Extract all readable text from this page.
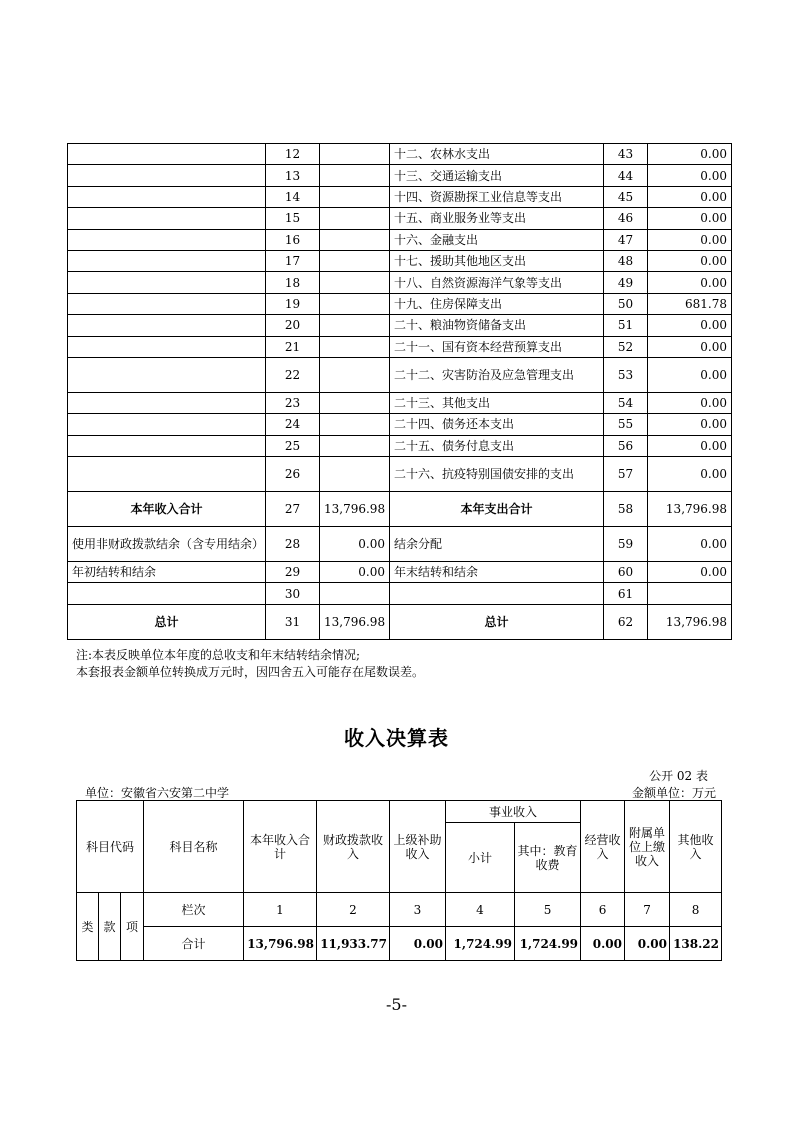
	12		十二、农林水支出	43	0.00
	13		十三、交通运输支出	44	0.00
	14		十四、资源勘探工业信息等支出	45	0.00
	15		十五、商业服务业等支出	46	0.00
	16		十六、金融支出	47	0.00
	17		十七、援助其他地区支出	48	0.00
	18		十八、自然资源海洋气象等支出	49	0.00
	19		十九、住房保障支出	50	681.78
	20		二十、粮油物资储备支出	51	0.00
	21		二十一、国有资本经营预算支出	52	0.00
	22		二十二、灾害防治及应急管理支出	53	0.00
	23		二十三、其他支出	54	0.00
	24		二十四、债务还本支出	55	0.00
	25		二十五、债务付息支出	56	0.00
	26		二十六、抗疫特别国债安排的支出	57	0.00
本年收入合计	27	13,796.98	本年支出合计	58	13,796.98
使用非财政拨款结余（含专用结余）	28	0.00	结余分配	59	0.00
年初结转和结余	29	0.00	年末结转和结余	60	0.00
	30			61	
总计	31	13,796.98	总计	62	13,796.98
注:本表反映单位本年度的总收支和年末结转结余情况;
本套报表金额单位转换成万元时，因四舍五入可能存在尾数误差。
收入决算表
公开 02 表
单位：安徽省六安第二中学	金额单位：万元
科目代码			科目名称	本年收入合计	财政拨款收入	上级补助收入	事业收入		经营收入	附属单位上缴收入	其他收入
							小计	其中：教育收费			

类	款	项	栏次	1	2	3	4	5	6	7	8
			合计	13,796.98	11,933.77	0.00	1,724.99	1,724.99	0.00	0.00	138.22
-5-
